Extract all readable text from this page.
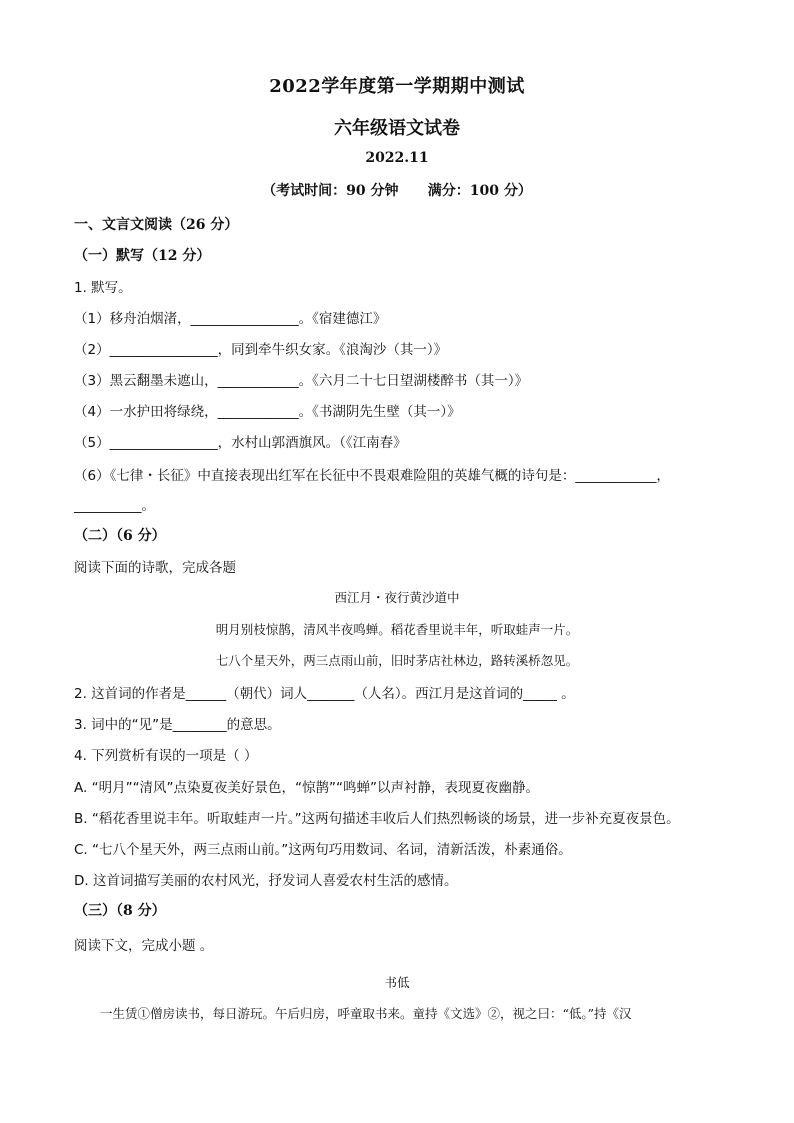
2022学年度第一学期期中测试
六年级语文试卷
2022.11
（考试时间：90 分钟      满分：100 分）
一、文言文阅读（26 分）
（一）默写（12 分）
1. 默写。
（1）移舟泊烟渚，________________。《宿建德江》
（2）________________，同到牵牛织女家。《浪淘沙（其一）》
（3）黑云翻墨未遮山，____________。《六月二十七日望湖楼醉书（其一）》
（4）一水护田将绿绕，____________。《书湖阴先生壁（其一）》
（5）________________，水村山郭酒旗风。（《江南春》
（6）《七律・长征》中直接表现出红军在长征中不畏艰难险阻的英雄气概的诗句是：____________，
__________。
（二）（6 分）
阅读下面的诗歌，完成各题
西江月・夜行黄沙道中
明月别枝惊鹊，清风半夜鸣蝉。稻花香里说丰年，听取蛙声一片。
七八个星天外，两三点雨山前，旧时茅店社林边，路转溪桥忽见。
2. 这首词的作者是______（朝代）词人_______（人名）。西江月是这首词的_____ 。
3. 词中的“见”是________的意思。
4. 下列赏析有误的一项是（ ）
A. “明月”“清风”点染夏夜美好景色，“惊鹊”“鸣蝉”以声衬静，表现夏夜幽静。
B. “稻花香里说丰年。听取蛙声一片。”这两句描述丰收后人们热烈畅谈的场景，进一步补充夏夜景色。
C. “七八个星天外，两三点雨山前。”这两句巧用数词、名词，清新活泼，朴素通俗。
D. 这首词描写美丽的农村风光，抒发词人喜爱农村生活的感情。
（三）（8 分）
阅读下文，完成小题 。
书低
一生赁①僧房读书，每日游玩。午后归房，呼童取书来。童持《文选》②，视之曰：“低。”持《汉
